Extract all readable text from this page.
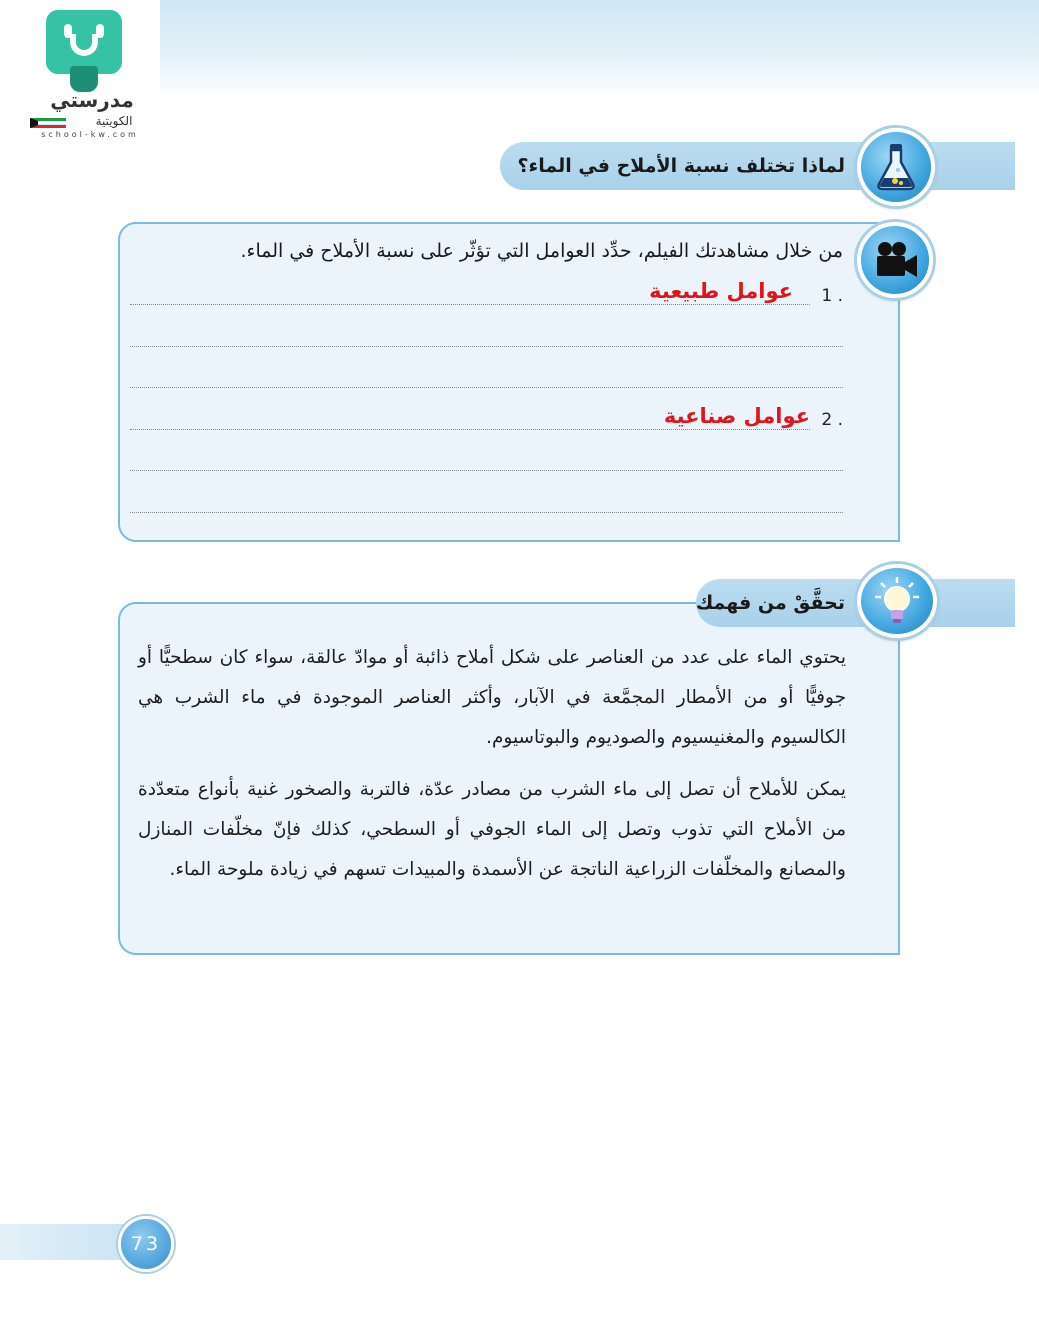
مدرستي
الكويتية
school-kw.com
لماذا تختلف نسبة الأملاح في الماء؟
من خلال مشاهدتك الفيلم، حدِّد العوامل التي تؤثّر على نسبة الأملاح في الماء.
1 .
عوامل طبيعية
2 .
عوامل صناعية
يحتوي الماء على عدد من العناصر على شكل أملاح ذائبة أو موادّ عالقة، سواء كان سطحيًّا أو جوفيًّا أو من الأمطار المجمَّعة في الآبار، وأكثر العناصر الموجودة في ماء الشرب هي الكالسيوم والمغنيسيوم والصوديوم والبوتاسيوم.
يمكن للأملاح أن تصل إلى ماء الشرب من مصادر عدّة، فالتربة والصخور غنية بأنواع متعدّدة من الأملاح التي تذوب وتصل إلى الماء الجوفي أو السطحي، كذلك فإنّ مخلّفات المنازل والمصانع والمخلّفات الزراعية الناتجة عن الأسمدة والمبيدات تسهم في زيادة ملوحة الماء.
تحقَّقْ من فهمك
73
